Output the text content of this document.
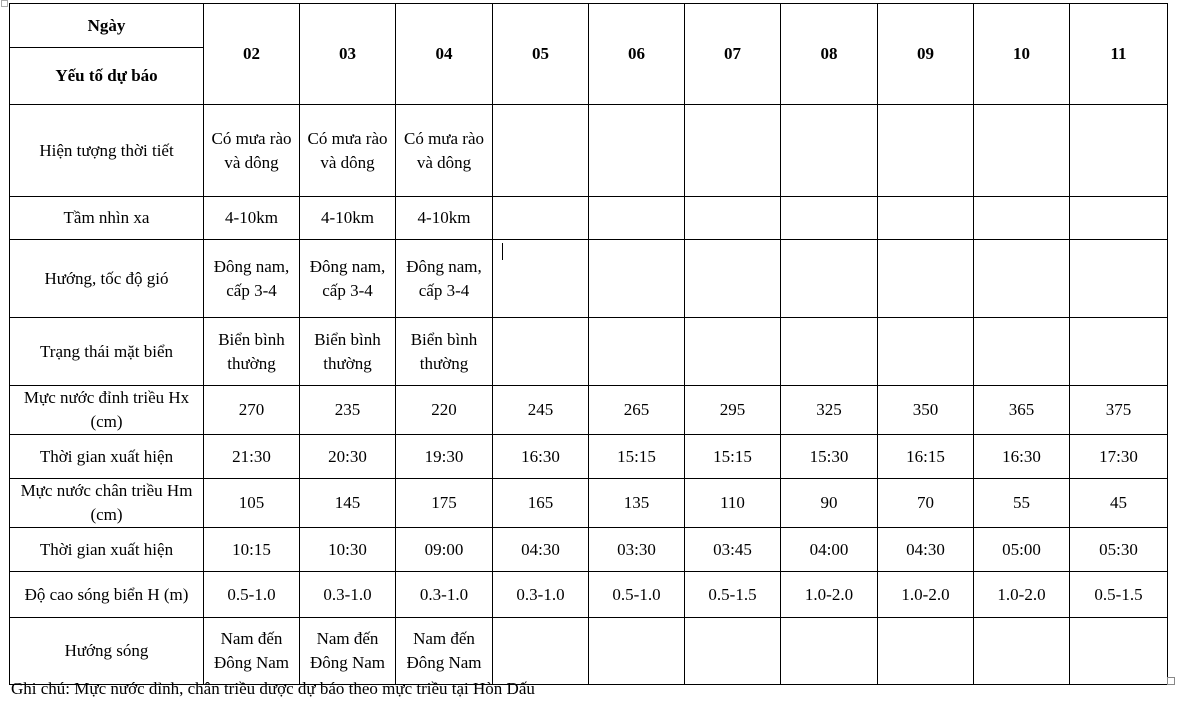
Ngày	02	03	04	05	06	07	08	09	10	11
Yếu tố dự báo										
Hiện tượng thời tiết	Có mưa rào và dông	Có mưa rào và dông	Có mưa rào và dông							
Tầm nhìn xa	4-10km	4-10km	4-10km							
Hướng, tốc độ gió	Đông nam, cấp 3-4	Đông nam, cấp 3-4	Đông nam, cấp 3-4							
Trạng thái mặt biển	Biển bình thường	Biển bình thường	Biển bình thường							
Mực nước đỉnh triều Hx (cm)	270	235	220	245	265	295	325	350	365	375
Thời gian xuất hiện	21:30	20:30	19:30	16:30	15:15	15:15	15:30	16:15	16:30	17:30
Mực nước chân triều Hm (cm)	105	145	175	165	135	110	90	70	55	45
Thời gian xuất hiện	10:15	10:30	09:00	04:30	03:30	03:45	04:00	04:30	05:00	05:30
Độ cao sóng biển H (m)	0.5-1.0	0.3-1.0	0.3-1.0	0.3-1.0	0.5-1.0	0.5-1.5	1.0-2.0	1.0-2.0	1.0-2.0	0.5-1.5
Hướng sóng	Nam đến Đông Nam	Nam đến Đông Nam	Nam đến Đông Nam							
Ghi chú: Mực nước đỉnh, chân triều được dự báo theo mực triều tại Hòn Dấu
